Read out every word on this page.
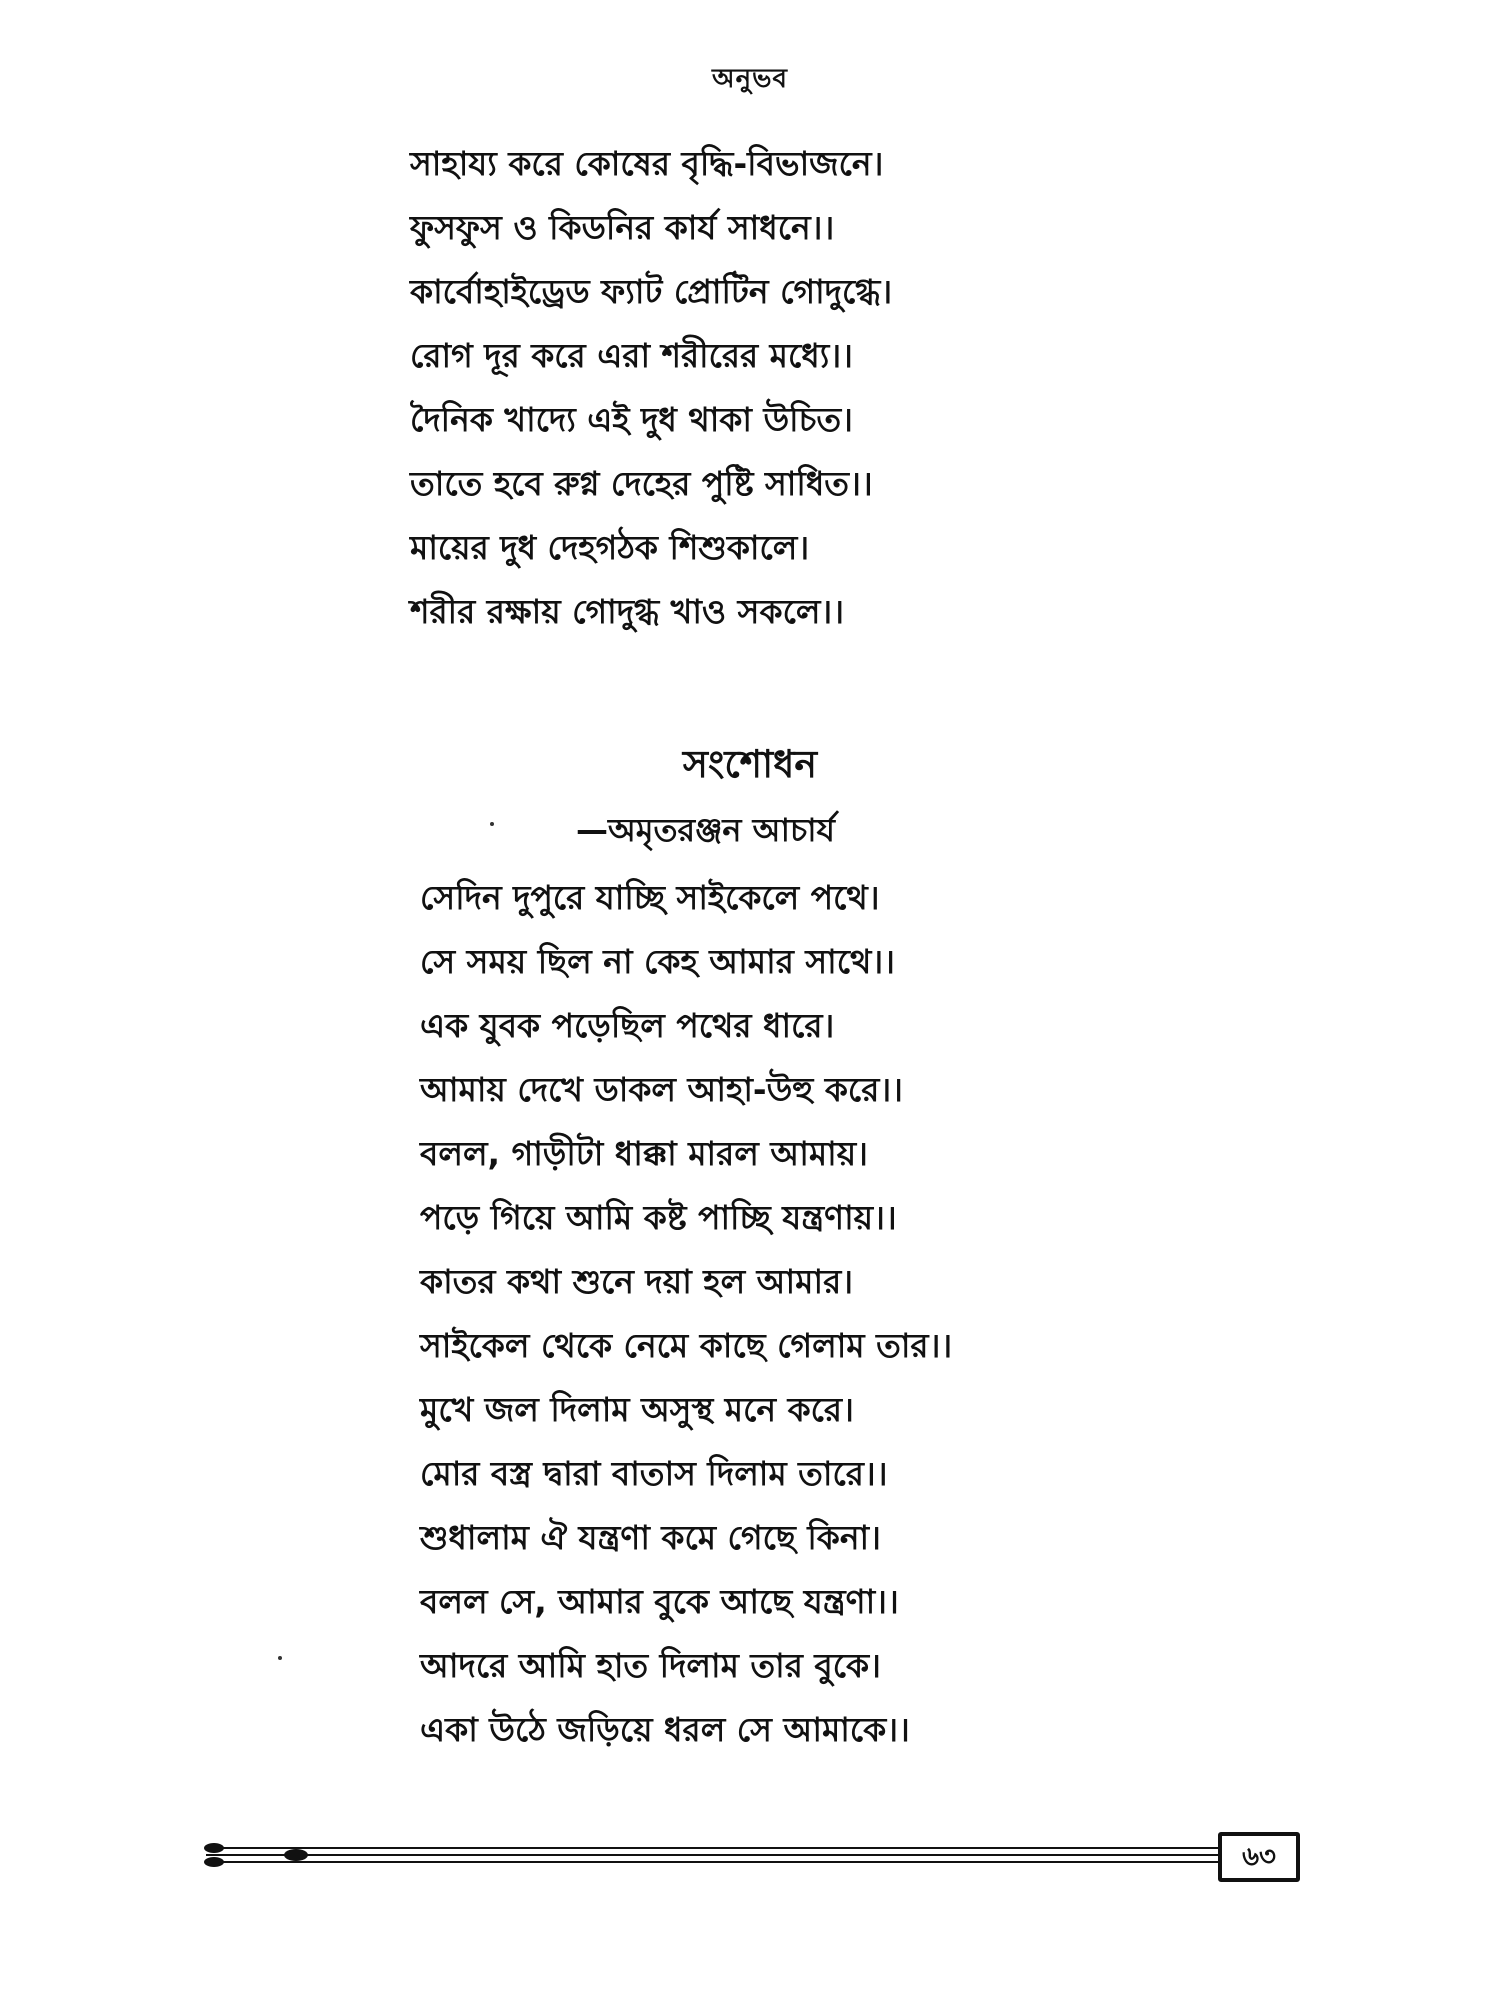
অনুভব
সাহায্য করে কোষের বৃদ্ধি-বিভাজনে।
ফুসফুস ও কিডনির কার্য সাধনে।।
কার্বোহাইড্রেড ফ্যাট প্রোটিন গোদুগ্ধে।
রোগ দূর করে এরা শরীরের মধ্যে।।
দৈনিক খাদ্যে এই দুধ থাকা উচিত।
তাতে হবে রুগ্ন দেহের পুষ্টি সাধিত।।
মায়ের দুধ দেহগঠক শিশুকালে।
শরীর রক্ষায় গোদুগ্ধ খাও সকলে।।
সংশোধন
—অমৃতরঞ্জন আচার্য
সেদিন দুপুরে যাচ্ছি সাইকেলে পথে।
সে সময় ছিল না কেহ আমার সাথে।।
এক যুবক পড়েছিল পথের ধারে।
আমায় দেখে ডাকল আহা-উহু করে।।
বলল, গাড়ীটা ধাক্কা মারল আমায়।
পড়ে গিয়ে আমি কষ্ট পাচ্ছি যন্ত্রণায়।।
কাতর কথা শুনে দয়া হল আমার।
সাইকেল থেকে নেমে কাছে গেলাম তার।।
মুখে জল দিলাম অসুস্থ মনে করে।
মোর বস্ত্র দ্বারা বাতাস দিলাম তারে।।
শুধালাম ঐ যন্ত্রণা কমে গেছে কিনা।
বলল সে, আমার বুকে আছে যন্ত্রণা।।
আদরে আমি হাত দিলাম তার বুকে।
একা উঠে জড়িয়ে ধরল সে আমাকে।।
৬৩
